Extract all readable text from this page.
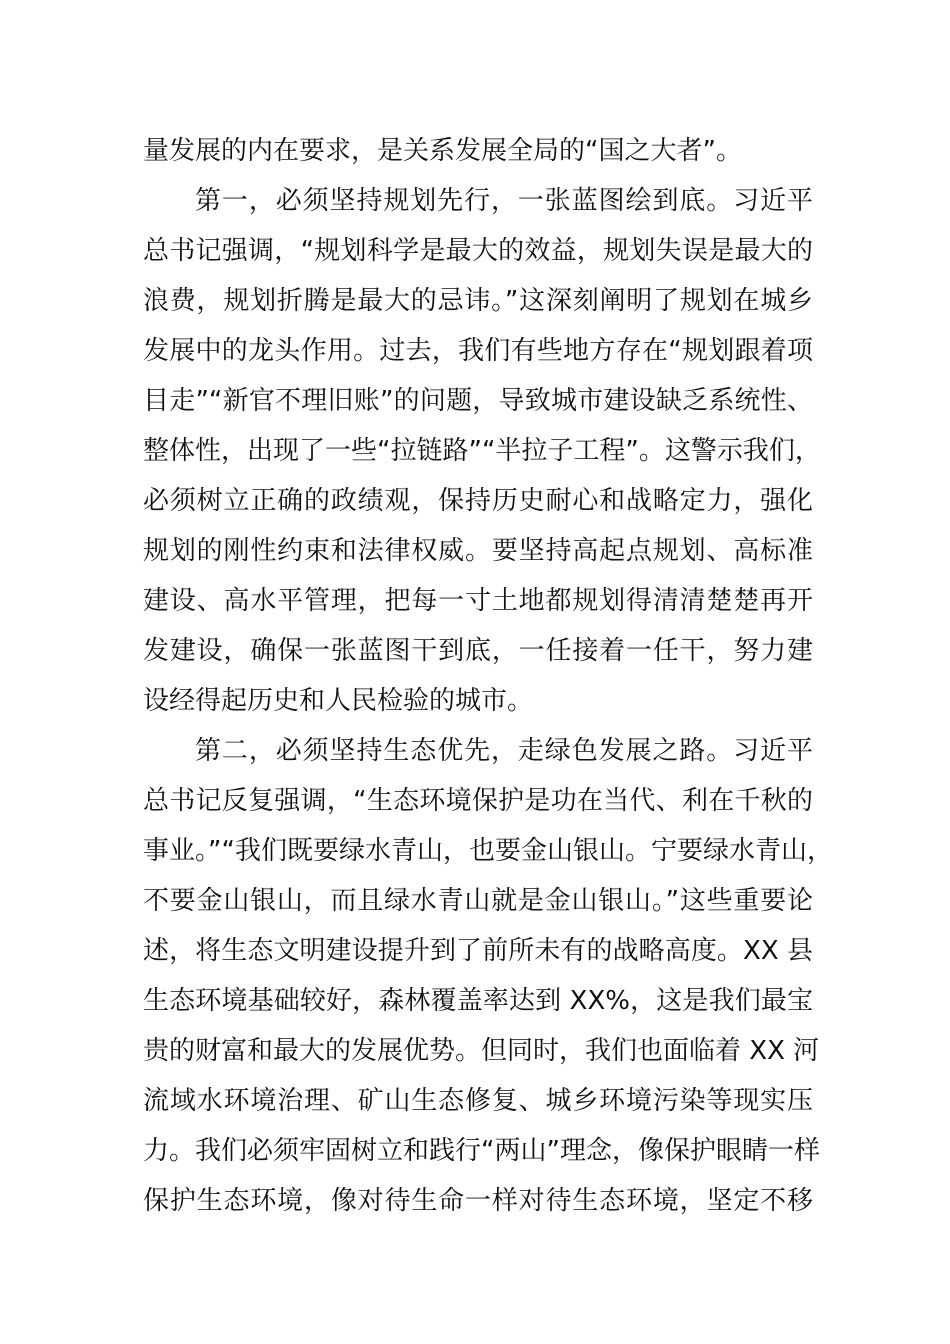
量发展的内在要求，是关系发展全局的“国之大者”。
第一，必须坚持规划先行，一张蓝图绘到底。习近平
总书记强调，“规划科学是最大的效益，规划失误是最大的
浪费，规划折腾是最大的忌讳。”这深刻阐明了规划在城乡
发展中的龙头作用。过去，我们有些地方存在“规划跟着项
目走”“新官不理旧账”的问题，导致城市建设缺乏系统性、
整体性，出现了一些“拉链路”“半拉子工程”。这警示我们，
必须树立正确的政绩观，保持历史耐心和战略定力，强化
规划的刚性约束和法律权威。要坚持高起点规划、高标准
建设、高水平管理，把每一寸土地都规划得清清楚楚再开
发建设，确保一张蓝图干到底，一任接着一任干，努力建
设经得起历史和人民检验的城市。
第二，必须坚持生态优先，走绿色发展之路。习近平
总书记反复强调，“生态环境保护是功在当代、利在千秋的
事业。”“我们既要绿水青山，也要金山银山。宁要绿水青山，
不要金山银山，而且绿水青山就是金山银山。”这些重要论
述，将生态文明建设提升到了前所未有的战略高度。XX 县
生态环境基础较好，森林覆盖率达到 XX%，这是我们最宝
贵的财富和最大的发展优势。但同时，我们也面临着 XX 河
流域水环境治理、矿山生态修复、城乡环境污染等现实压
力。我们必须牢固树立和践行“两山”理念，像保护眼睛一样
保护生态环境，像对待生命一样对待生态环境，坚定不移
